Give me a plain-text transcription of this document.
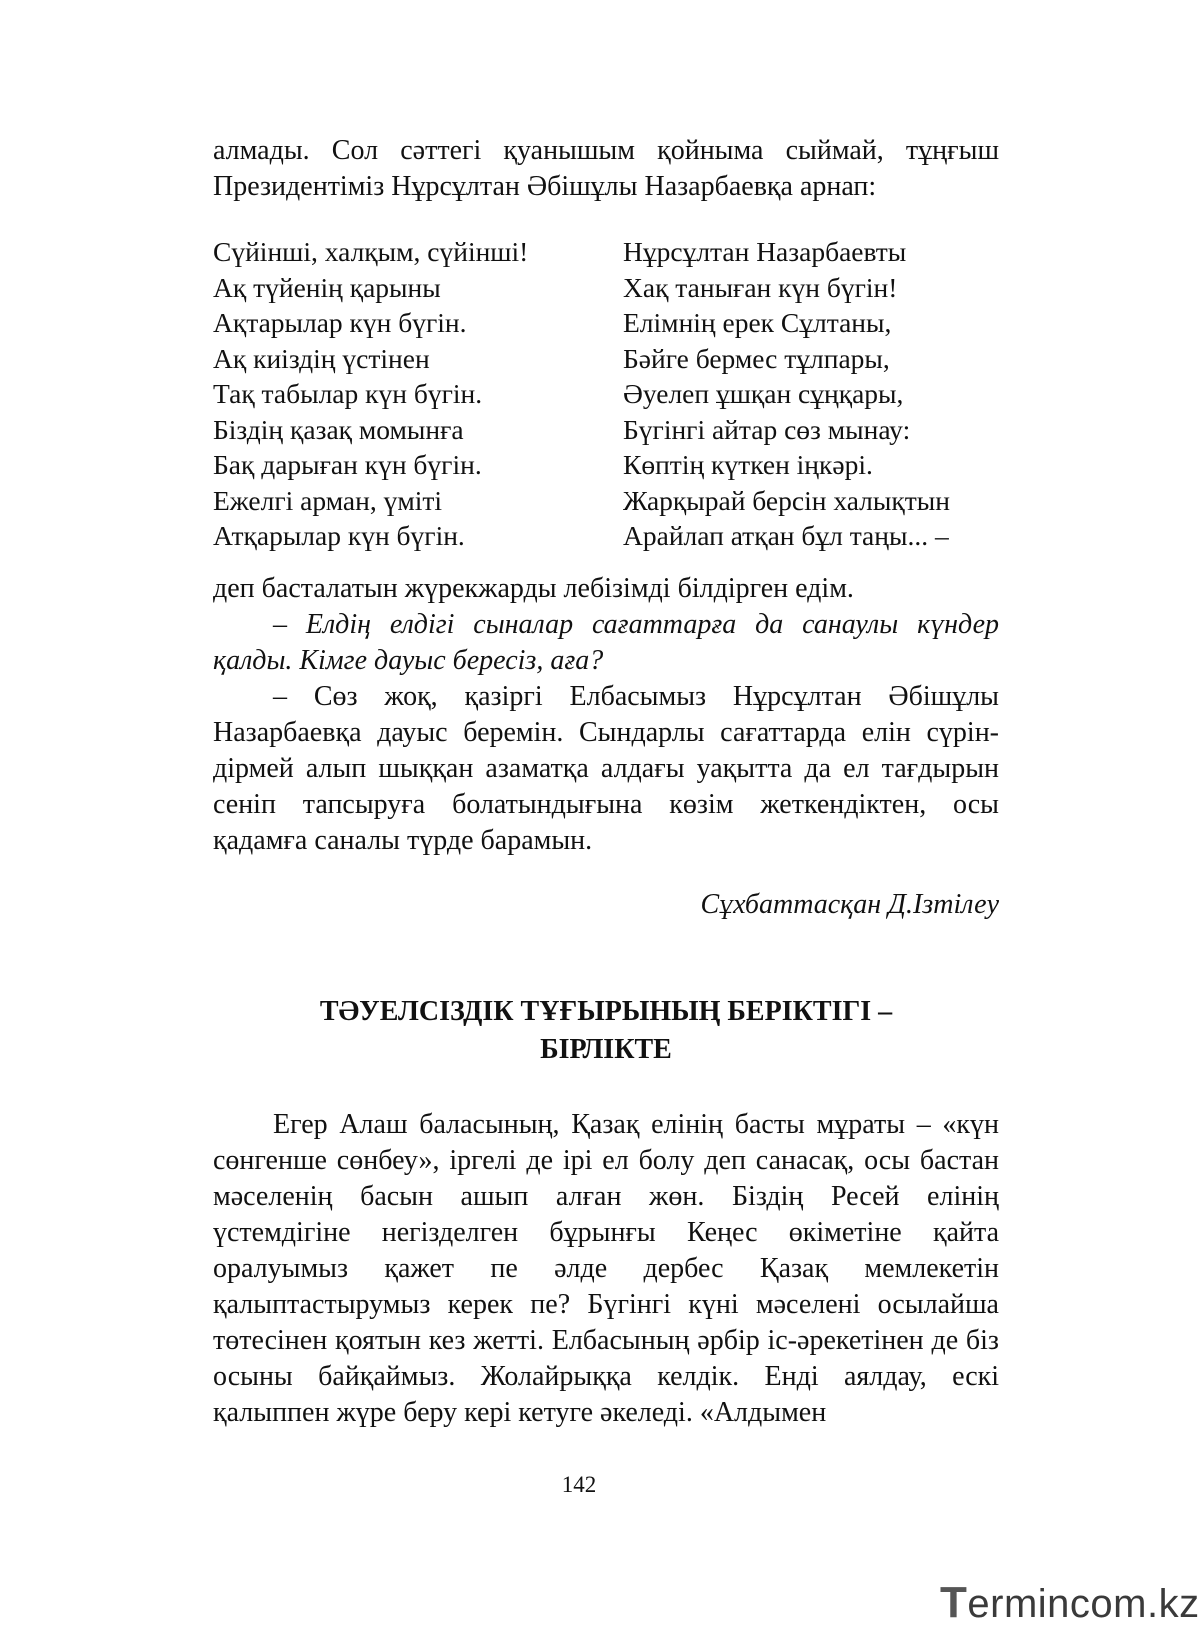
алмады. Сол сәттегі қуанышым қойныма сыймай, тұңғыш Президентіміз Нұрсұлтан Әбішұлы Назарбаевқа арнап:
Сүйінші, халқым, сүйінші!
Ақ түйенің қарыны
Ақтарылар күн бүгін.
Ақ киіздің үстінен
Тақ табылар күн бүгін.
Біздің қазақ момынға
Бақ дарыған күн бүгін.
Ежелгі арман, үміті
Атқарылар күн бүгін.
Нұрсұлтан Назарбаевты
Хақ таныған күн бүгін!
Елімнің ерек Сұлтаны,
Бәйге бермес тұлпары,
Әуелеп ұшқан сұңқары,
Бүгінгі айтар сөз мынау:
Көптің күткен іңкәрі.
Жарқырай берсін халықтын
Арайлап атқан бұл таңы... –
деп басталатын жүрекжарды лебізімді білдірген едім.
– Елдің елдігі сыналар сағаттарға да санаулы күндер қалды. Кімге дауыс бересіз, аға?
– Сөз жоқ, қазіргі Елбасымыз Нұрсұлтан Әбішұлы Назарбаевқа дауыс беремін. Сындарлы сағаттарда елін сүріндірмей алып шыққан азаматқа алдағы уақытта да ел тағдырын сеніп тапсыруға болатындығына көзім жеткендіктен, осы қадамға саналы түрде барамын.
Сұхбаттасқан Д.Ізтілеу
ТӘУЕЛСІЗДІК ТҰҒЫРЫНЫҢ БЕРІКТІГІ –
БІРЛІКТЕ
Егер Алаш баласының, Қазақ елінің басты мұраты – «күн сөнгенше сөнбеу», іргелі де ірі ел болу деп санасақ, осы бастан мәселенің басын ашып алған жөн. Біздің Ресей елінің үстемдігіне негізделген бұрынғы Кеңес өкіметіне қайта оралуымыз қажет пе әлде дербес Қазақ мемлекетін қалыптастырумыз керек пе? Бүгінгі күні мәселені осылайша төтесінен қоятын кез жетті. Елбасының әрбір іс-әрекетінен де біз осыны байқаймыз. Жолайрыққа келдік. Енді аялдау, ескі қалыппен жүре беру кері кетуге әкеледі. «Алдымен
142
Termincom.kz
